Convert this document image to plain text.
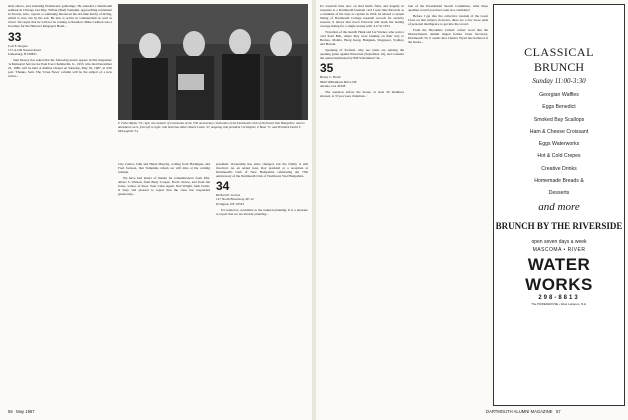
slide shows, and attending Elderhostel gatherings. He attended a Dartmouth seminar in Chicago last May. Wilbur (Bud) Tompkin, approaching retirement in Tucson, Ariz., reports a continuing interest in his old-time hobby of diving, which is now run by his son. He also is active in volunteerism as well as travel. We regret that he will not be coming to Reunion. Mike Cashion was a brochure for the Hanover Kingspert Hotel...

33
Carl E. Rogers
157-A Old Nassau Road
Jamesburg, NJ 08831

Sam Dewey has asked that the following notice appear in this magazine: 'A Memorial Service for Paul Ives Chamberlin, Jr., 1933, who died December 22, 1986, will be held at Rollins Chapel on Saturday, May 29, 1987, at 4:30 p.m.' Thanks, Sam. The 'Class News' column will be the subject of a new writer...

F. Fuller Ripley '33, right, one member of ceremonies at the 75th anniversary celebration of the Dartmouth Club of Northwest Vast Hampshire. Also in attendance were, from left to right, club historian Albert Moore Liston '47, outgoing club president Christopher V. Bean '71, and President David T. McLaughlin '54.

City Center, John and Helen Murphy, writing from Harlingen, and Fred Jackson, that Tompkins whom we will miss at the coming reunion.

We have had letters of thanks for remembrances from Mrs. Albert S. Watson, from Betty Cooper, Fred's widow, and from Jan Jones, widow of Ross. Your Class Agent, Ned Wright, Sam Cutler, is busy and pleased to report that the class has responded generously...

president. Ownership has since changed, but the family is still involved. As an added note, Ray presided at a reception at Dartmouth's Club of New Hampshire celebrating the 75th anniversary of the Dartmouth Club of Northwest Vast Hampshire.

34
Richard F. Graves
147 North Broadway, #F-12
Irvington, NY 10533

Ed wanted to contribute to the reunion planning. It is a pleasure to report that we are already planning...

56 May 1987

It's baseball time now on Red Rolfe field, and happily in response to a Dartmouth baseball card I sent Jake Edwards as a reminder of his days as captain in 1934, he shared a current listing of Dartmouth College baseball records for security reasons. It shows that Jacob Edwards still leads the batting average listing for a single season with .417 in 1933.

Travellers of the month: Hank and Liz Warner, who went a card from Bali, where they were basking on their way to Borneo, Manila, Hong Kong, Bangkok, Singapore, Sydney, and Hawaii.

Speaking of football, why our plans are sensing the opening game against Princeton (September 19), and consider the option mentioned by Bill Schermund '34...

35
Henry C. Boldt
8460 Williamson Drive NE
Atlanta, GA 30328

The question before the house, at least 20 members showed, is 'If you were chairman...'

tion of the Presidential Search Committee, what three qualities would you most want in a candidate?

Before I get into the collective wisdom of the Great Class on that subject, however, there are a few loose ends of personal intelligence to get into the record.

From the 'Brookline Citizen' comes word that the Massachusetts alumni ringed former Class Secretary, Dartmouth '35, it seems that Charles Wyatt has hollered at the hooks...

DARTMOUTH ALUMNI MAGAZINE 57
CLASSICAL
BRUNCH
Sunday 11:00-3:30
Georgian Waffles
Eggs Benedict
Smoked Bay Scallops
Ham & Cheese Croissant
Eggs Waterworks
Hot & Cold Crepes
Creative Drinks
Homemade Breads &
Desserts
and more
BRUNCH BY THE RIVERSIDE
open seven days a week
MASCOMA • RIVER
WATER WORKS
298-8813
The POWERHOUSE • West Lebanon, N.H.
